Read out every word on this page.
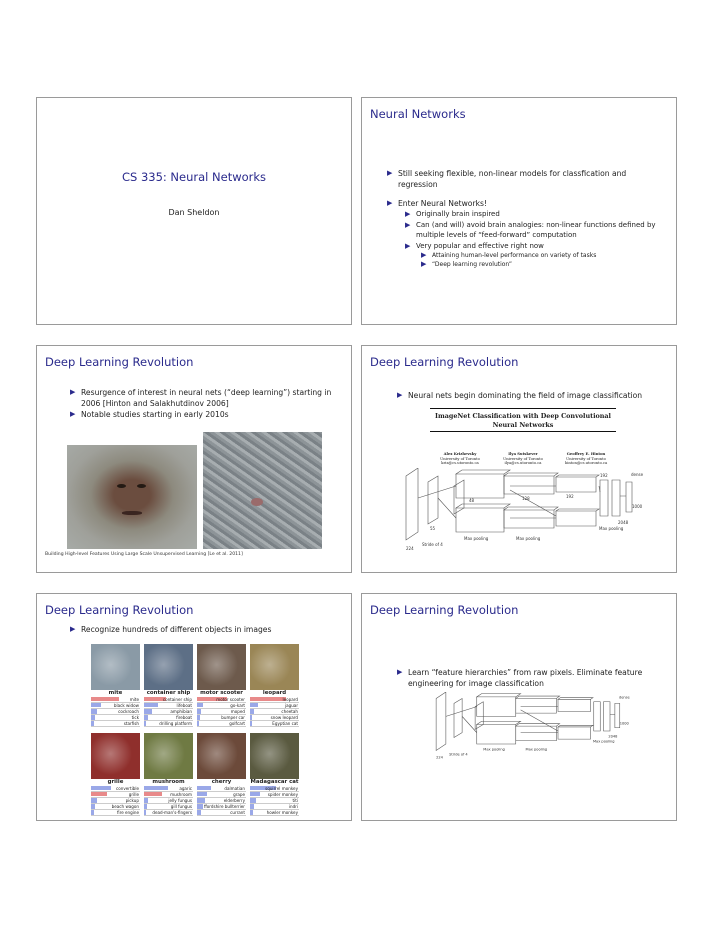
CS 335: Neural Networks
Dan Sheldon
Neural Networks
▶ Still seeking flexible, non-linear models for classfication and regression
▶ Enter Neural Networks!
▶ Originally brain inspired
▶ Can (and will) avoid brain analogies: non-linear functions defined by multiple levels of “feed-forward” computation
▶ Very popular and effective right now
▶ Attaining human-level performance on variety of tasks
▶ “Deep learning revolution”
Deep Learning Revolution
▶ Resurgence of interest in neural nets (“deep learning”) starting in 2006 [Hinton and Salakhutdinov 2006]
▶ Notable studies starting in early 2010s
Building High-level Features Using Large Scale Unsupervised Learning [Le et al. 2011]
Deep Learning Revolution
▶ Neural nets begin dominating the field of image classification
ImageNet Classification with Deep Convolutional Neural Networks
Alex Krizhevsky
University of Toronto
kriz@cs.utoronto.ca
Ilya Sutskever
University of Toronto
ilya@cs.utoronto.ca
Geoffrey E. Hinton
University of Toronto
hinton@cs.utoronto.ca
224
Stride of 4
55
Max pooling	Max pooling
Max pooling
2048
1000
48	128	192
192	dense
Deep Learning Revolution
▶ Recognize hundreds of different objects in images
mite
mite
black widow
cockroach
tick
starfish
container ship
container ship
lifeboat
amphibian
fireboat
drilling platform
motor scooter
motor scooter
go-kart
moped
bumper car
golfcart
leopard
leopard
jaguar
cheetah
snow leopard
Egyptian cat
grille
convertible
grille
pickup
beach wagon
fire engine
mushroom
agaric
mushroom
jelly fungus
gill fungus
dead-man's-fingers
cherry
dalmatian
grape
elderberry
ffordshire bullterrier
currant
Madagascar cat
squirrel monkey
spider monkey
titi
indri
howler monkey
Deep Learning Revolution
▶ Learn “feature hierarchies” from raw pixels. Eliminate feature engineering for image classification
224
Stride of 4
Max pooling	Max pooling
Max pooling
2048
1000
dense
